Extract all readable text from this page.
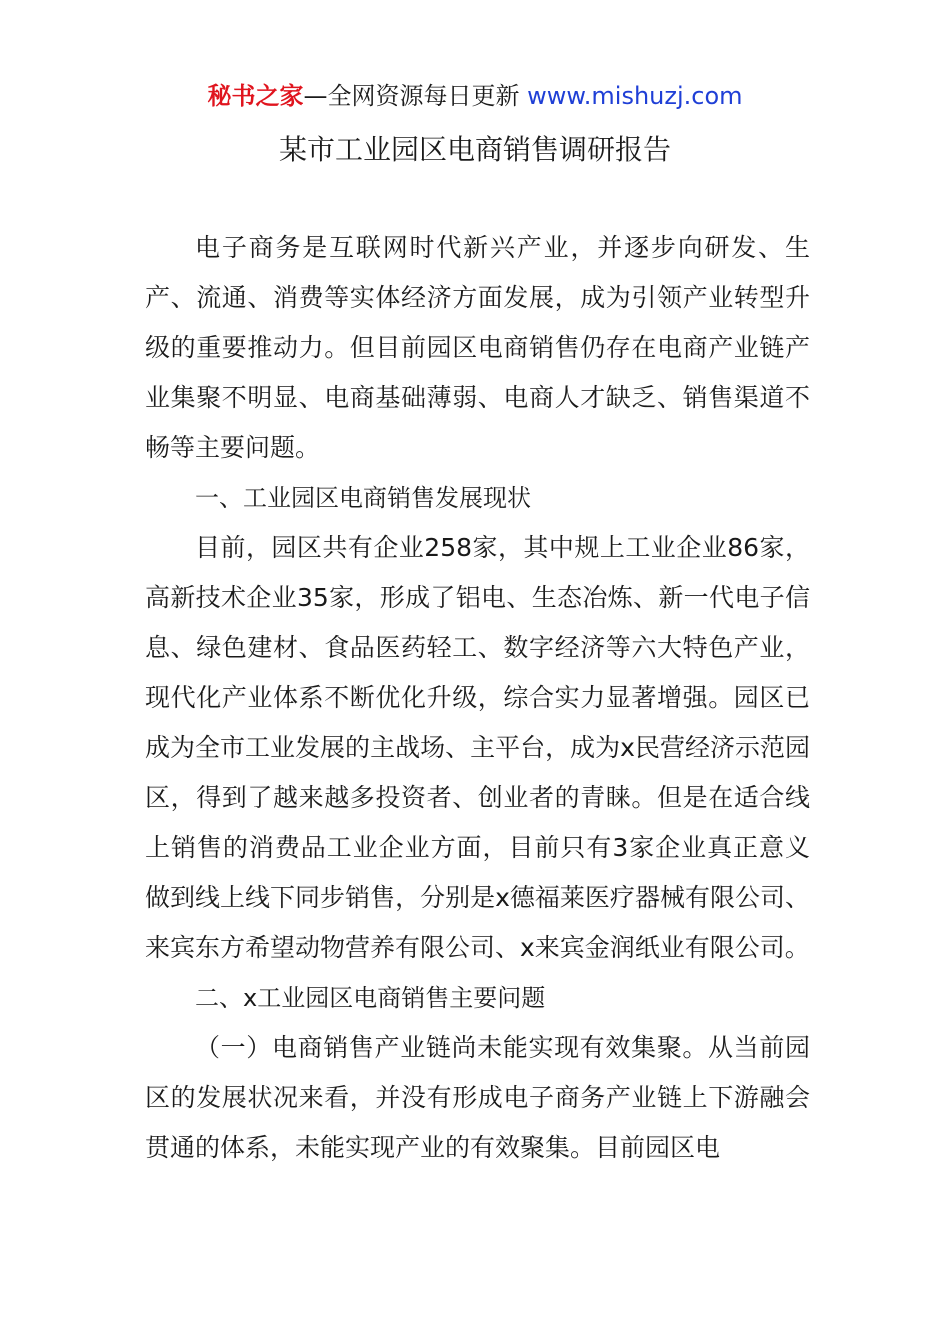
秘书之家—全网资源每日更新 www.mishuzj.com
某市工业园区电商销售调研报告

电子商务是互联网时代新兴产业，并逐步向研发、生产、流通、消费等实体经济方面发展，成为引领产业转型升级的重要推动力。但目前园区电商销售仍存在电商产业链产业集聚不明显、电商基础薄弱、电商人才缺乏、销售渠道不畅等主要问题。

一、工业园区电商销售发展现状

目前，园区共有企业258家，其中规上工业企业86家，高新技术企业35家，形成了铝电、生态冶炼、新一代电子信息、绿色建材、食品医药轻工、数字经济等六大特色产业，现代化产业体系不断优化升级，综合实力显著增强。园区已成为全市工业发展的主战场、主平台，成为x民营经济示范园区，得到了越来越多投资者、创业者的青睐。但是在适合线上销售的消费品工业企业方面，目前只有3家企业真正意义做到线上线下同步销售，分别是x德福莱医疗器械有限公司、来宾东方希望动物营养有限公司、x来宾金润纸业有限公司。

二、x工业园区电商销售主要问题

（一）电商销售产业链尚未能实现有效集聚。从当前园区的发展状况来看，并没有形成电子商务产业链上下游融会贯通的体系，未能实现产业的有效聚集。目前园区电
